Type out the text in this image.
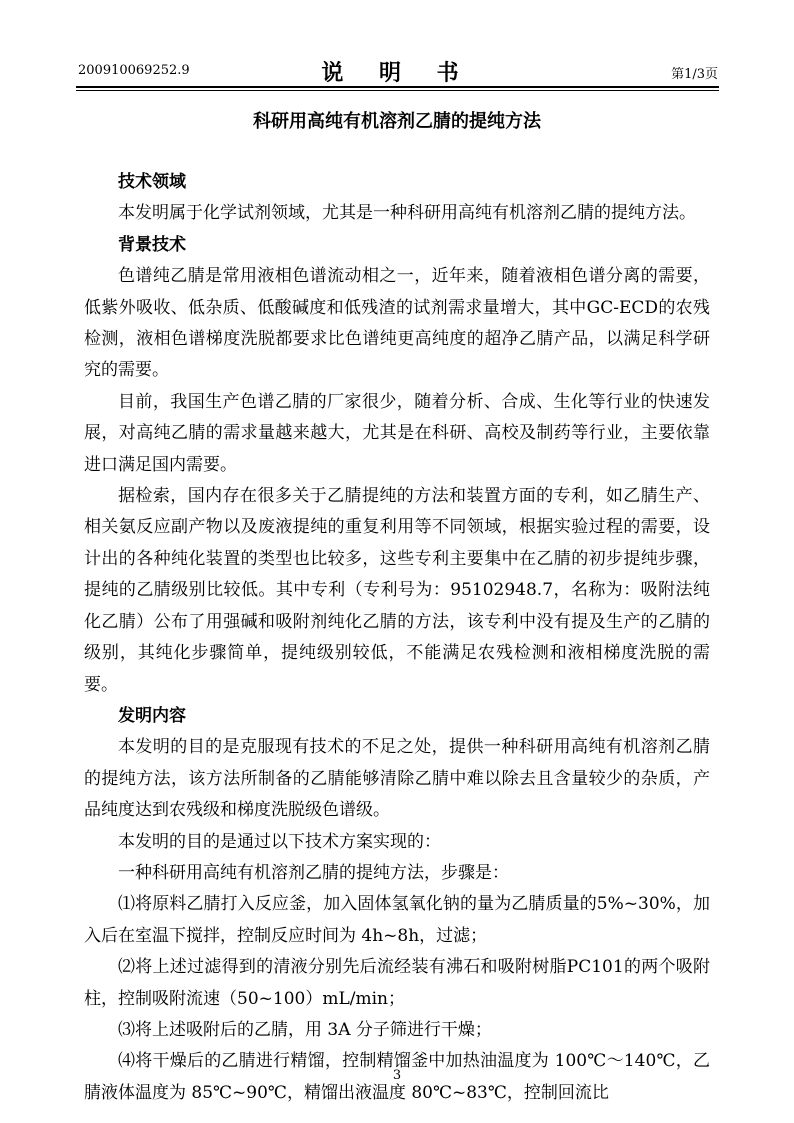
200910069252.9	说 明 书	第1/3页
科研用高纯有机溶剂乙腈的提纯方法
技术领域

本发明属于化学试剂领域，尤其是一种科研用高纯有机溶剂乙腈的提纯方法。

背景技术

色谱纯乙腈是常用液相色谱流动相之一，近年来，随着液相色谱分离的需要，低紫外吸收、低杂质、低酸碱度和低残渣的试剂需求量增大，其中GC-ECD的农残检测，液相色谱梯度洗脱都要求比色谱纯更高纯度的超净乙腈产品，以满足科学研究的需要。

目前，我国生产色谱乙腈的厂家很少，随着分析、合成、生化等行业的快速发展，对高纯乙腈的需求量越来越大，尤其是在科研、高校及制药等行业，主要依靠进口满足国内需要。

据检索，国内存在很多关于乙腈提纯的方法和装置方面的专利，如乙腈生产、相关氨反应副产物以及废液提纯的重复利用等不同领域，根据实验过程的需要，设计出的各种纯化装置的类型也比较多，这些专利主要集中在乙腈的初步提纯步骤，提纯的乙腈级别比较低。其中专利（专利号为：95102948.7，名称为：吸附法纯化乙腈）公布了用强碱和吸附剂纯化乙腈的方法，该专利中没有提及生产的乙腈的级别，其纯化步骤简单，提纯级别较低，不能满足农残检测和液相梯度洗脱的需要。

发明内容

本发明的目的是克服现有技术的不足之处，提供一种科研用高纯有机溶剂乙腈的提纯方法，该方法所制备的乙腈能够清除乙腈中难以除去且含量较少的杂质，产品纯度达到农残级和梯度洗脱级色谱级。

本发明的目的是通过以下技术方案实现的：

一种科研用高纯有机溶剂乙腈的提纯方法，步骤是：

⑴将原料乙腈打入反应釜，加入固体氢氧化钠的量为乙腈质量的5%~30%，加入后在室温下搅拌，控制反应时间为 4h~8h，过滤；

⑵将上述过滤得到的清液分别先后流经装有沸石和吸附树脂PC101的两个吸附柱，控制吸附流速（50~100）mL/min；

⑶将上述吸附后的乙腈，用 3A 分子筛进行干燥；

⑷将干燥后的乙腈进行精馏，控制精馏釜中加热油温度为 100℃～140℃，乙腈液体温度为 85℃~90℃，精馏出液温度 80℃~83℃，控制回流比

3
